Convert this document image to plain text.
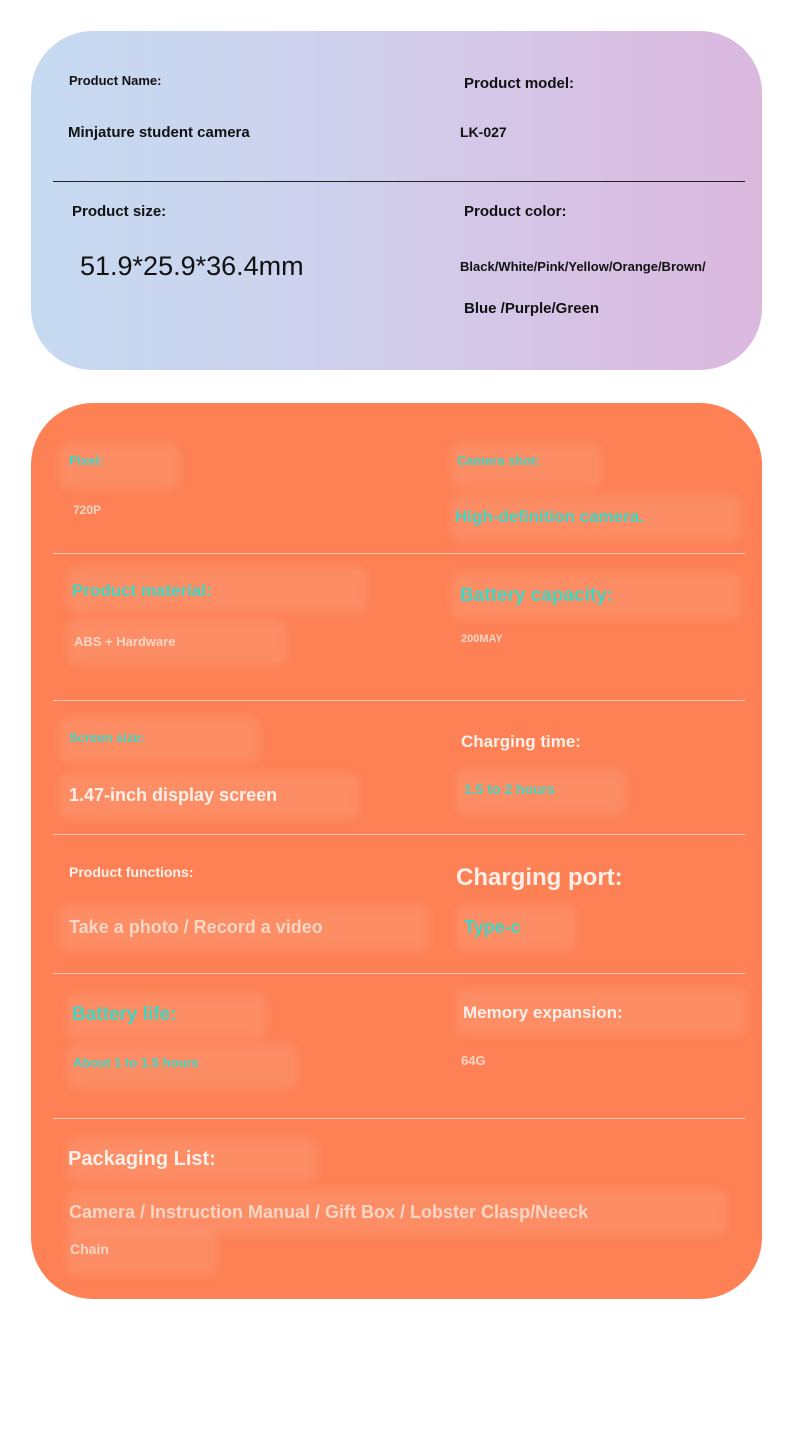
Product Name:
Minjature student camera
Product model:
LK-027
Product size:
51.9*25.9*36.4mm
Product color:
Black/White/Pink/Yellow/Orange/Brown/
Blue /Purple/Green
Pixel:
720P
Camera shot:
High-definition camera.
Product material:
ABS + Hardware
Battery capacity:
200MAY
Screen size:
1.47-inch display screen
Charging time:
1.5 to 2 hours
Product functions:
Take a photo / Record a video
Charging port:
Type-c
Battery life:
About 1 to 1.5 hours
Memory expansion:
64G
Packaging List:
Camera / Instruction Manual / Gift Box / Lobster Clasp/Neeck
Chain
